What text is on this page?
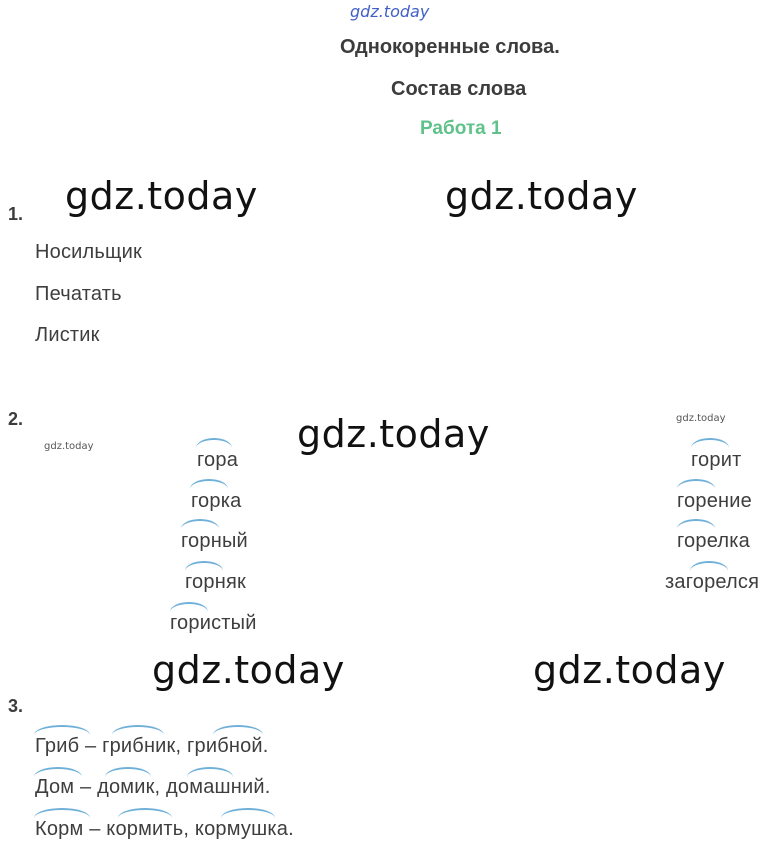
gdz.today
Однокоренные слова.
Состав слова
Работа 1
gdz.today	gdz.today
1.
Носильщик
Печатать
Листик
2.
gdz.today	gdz.today	gdz.today
гора
горка
горный
горняк
гористый
горит
горение
горелка
загорелся
gdz.today	gdz.today
3.
Гриб – грибник, грибной.
Дом – домик, домашний.
Корм – кормить, кормушка.
